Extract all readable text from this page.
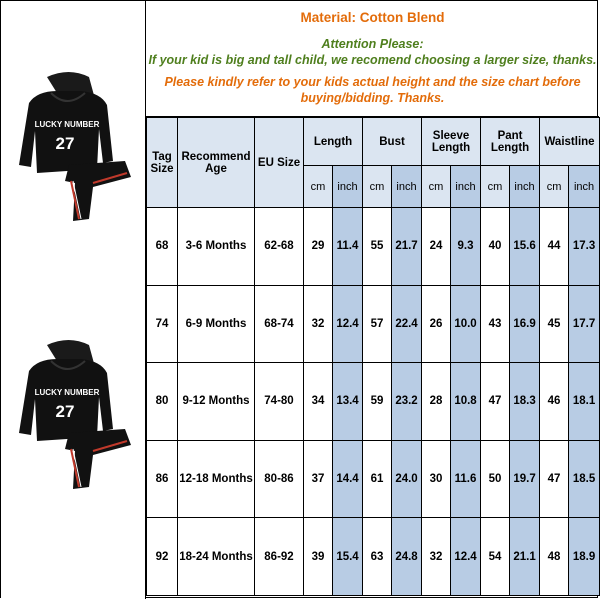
LUCKY NUMBER
27
LUCKY NUMBER
27
Material: Cotton Blend
Attention Please:
If your kid is big and tall child, we recomend choosing a larger size, thanks.
Please kindly refer to your kids actual height and the size chart before buying/bidding. Thanks.
Tag Size	Recommend Age	EU Size	Length		Bust		Sleeve Length		Pant Length		Waistline	
			cm	inch	cm	inch	cm	inch	cm	inch	cm	inch
68	3-6 Months	62-68	29	11.4	55	21.7	24	9.3	40	15.6	44	17.3
74	6-9 Months	68-74	32	12.4	57	22.4	26	10.0	43	16.9	45	17.7
80	9-12 Months	74-80	34	13.4	59	23.2	28	10.8	47	18.3	46	18.1
86	12-18 Months	80-86	37	14.4	61	24.0	30	11.6	50	19.7	47	18.5
92	18-24 Months	86-92	39	15.4	63	24.8	32	12.4	54	21.1	48	18.9
